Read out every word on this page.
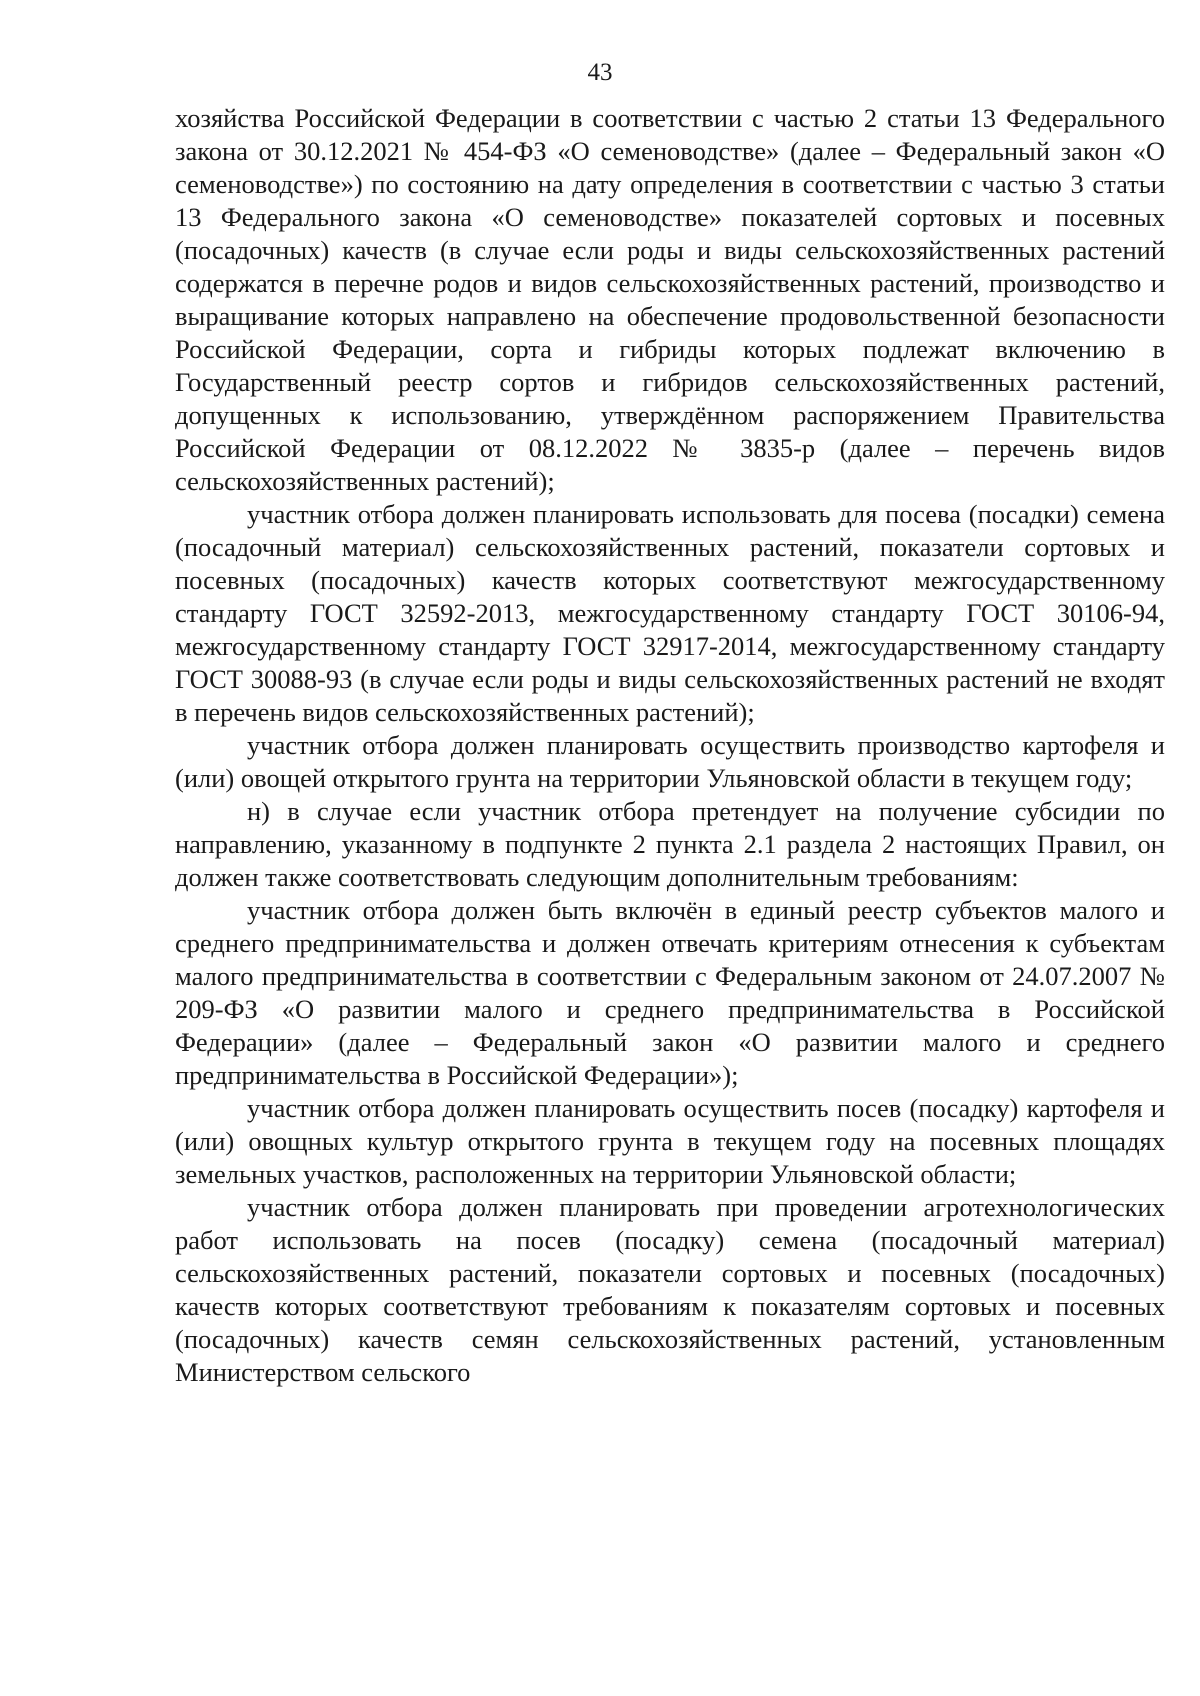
43

хозяйства Российской Федерации в соответствии с частью 2 статьи 13 Федерального закона от 30.12.2021 № 454-ФЗ «О семеноводстве» (далее – Федеральный закон «О семеноводстве») по состоянию на дату определения в соответствии с частью 3 статьи 13 Федерального закона «О семеноводстве» показателей сортовых и посевных (посадочных) качеств (в случае если роды и виды сельскохозяйственных растений содержатся в перечне родов и видов сельскохозяйственных растений, производство и выращивание которых направлено на обеспечение продовольственной безопасности Российской Федерации, сорта и гибриды которых подлежат включению в Государственный реестр сортов и гибридов сельскохозяйственных растений, допущенных к использованию, утверждённом распоряжением Правительства Российской Федерации от 08.12.2022 № 3835-р (далее – перечень видов сельскохозяйственных растений);

участник отбора должен планировать использовать для посева (посадки) семена (посадочный материал) сельскохозяйственных растений, показатели сортовых и посевных (посадочных) качеств которых соответствуют межгосударственному стандарту ГОСТ 32592-2013, межгосударственному стандарту ГОСТ 30106-94, межгосударственному стандарту ГОСТ 32917-2014, межгосударственному стандарту ГОСТ 30088-93 (в случае если роды и виды сельскохозяйственных растений не входят в перечень видов сельскохозяйственных растений);

участник отбора должен планировать осуществить производство картофеля и (или) овощей открытого грунта на территории Ульяновской области в текущем году;

н) в случае если участник отбора претендует на получение субсидии по направлению, указанному в подпункте 2 пункта 2.1 раздела 2 настоящих Правил, он должен также соответствовать следующим дополнительным требованиям:

участник отбора должен быть включён в единый реестр субъектов малого и среднего предпринимательства и должен отвечать критериям отнесения к субъектам малого предпринимательства в соответствии с Федеральным законом от 24.07.2007 № 209-ФЗ «О развитии малого и среднего предпринимательства в Российской Федерации» (далее – Федеральный закон «О развитии малого и среднего предпринимательства в Российской Федерации»);

участник отбора должен планировать осуществить посев (посадку) картофеля и (или) овощных культур открытого грунта в текущем году на посевных площадях земельных участков, расположенных на территории Ульяновской области;

участник отбора должен планировать при проведении агротехнологических работ использовать на посев (посадку) семена (посадочный материал) сельскохозяйственных растений, показатели сортовых и посевных (посадочных) качеств которых соответствуют требованиям к показателям сортовых и посевных (посадочных) качеств семян сельскохозяйственных растений, установленным Министерством сельского
